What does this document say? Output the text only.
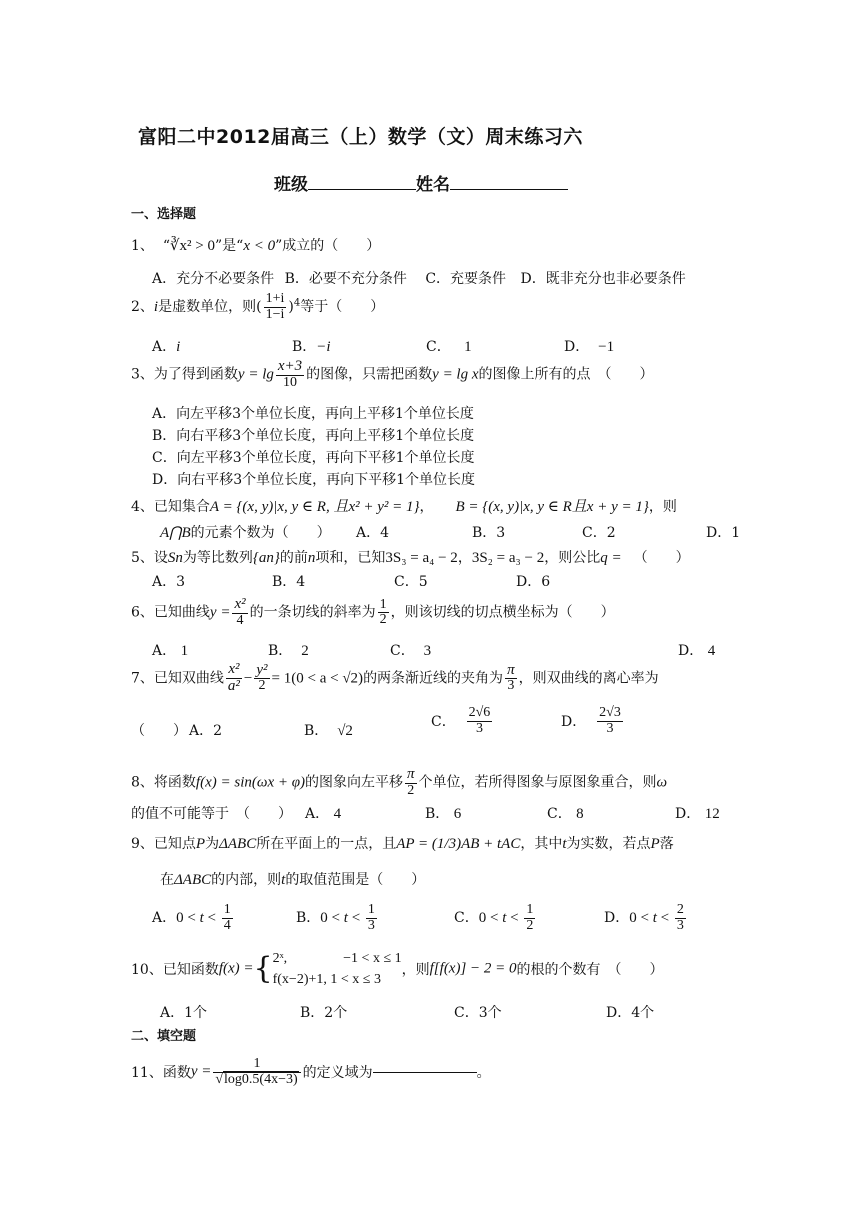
富阳二中2012届高三（上）数学（文）周末练习六
班级	姓名
一、选择题
1、 “∛x² > 0”是“x < 0”成立的（　　）
A．充分不必要条件 B．必要不充分条件 C．充要条件 D．既非充分也非必要条件
2、i是虚数单位，则( $\frac{1+i}{1-i} )^4$等于（　　）
A．i	B．−i	C． 1	D． −1
3、为了得到函数$y = \lg \frac{x+3}{10}$ 的图像，只需把函数y = lg x的图像上所有的点　（　　）
A．向左平移3个单位长度，再向上平移1个单位长度
B．向右平移3个单位长度，再向上平移1个单位长度
C．向左平移3个单位长度，再向下平移1个单位长度
D．向右平移3个单位长度，再向下平移1个单位长度
4、已知集合A = {(x, y)|x, y ∈ R, 且x² + y² = 1}， B = {(x, y)|x, y ∈ R且x + y = 1}，则
A⋂B的元素个数为（　　） A．4	B．3	C．2	D．1
5、设Sn为等比数列{an}的前n项和，已知3S₃ = a₄ − 2，3S₂ = a₃ − 2，则公比q = （　　）
A．3	B．4	C．5	D．6
6、已知曲线$y = \frac{\text{x²}}{4}$ 的一条切线的斜率为 $\frac{1}{2}$ ，则该切线的切点横坐标为（　　）
A． 1	B． 2	C． 3	D． 4
7、已知双曲线 $\frac{\text{x²}}{\text{a²}} - \frac{\text{y²}}{2} = 1(0 < a < √2)$的两条渐近线的夹角为 $\frac{\pi}{3}$ ，则双曲线的离心率为
（　　） A．2	B． √2
C． $\frac{2√6}{3}$	D． $\frac{2√3}{3}$
8、将函数f(x) = sin(ωx + φ)的图象向左平移 $\frac{\pi}{2}$ 个单位，若所得图象与原图象重合，则ω
的值不可能等于　（　　） A． 4	B． 6	C． 8	D． 12
9、已知点P为ΔABC所在平面上的一点，且AP = (1/3)AB + tAC，其中t为实数，若点P落
在ΔABC的内部，则t的取值范围是（　　）
A．$0 < t < \frac{1}{4}$	B．$0 < t < \frac{1}{3}$	C．$0 < t < \frac{1}{2}$	D．$0 < t < \frac{2}{3}$
10、已知函数f(x) ={ 2ˣ,　　　　−1 < x ≤ 1
f(x−2)+1, 1 < x ≤ 3
，则f[f(x)] − 2 = 0的根的个数有　（　　）
A．1个	B．2个	C．3个	D．4个
二、填空题
11、函数$y = \frac{1}{√\log 0.5(4x-3)}$ 的定义域为	。
